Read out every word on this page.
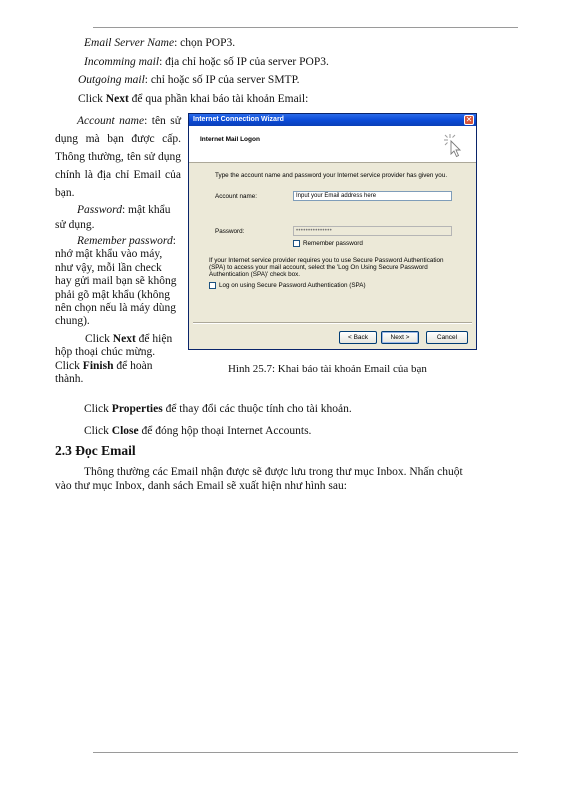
Email Server Name: chọn POP3.
Incomming mail: địa chỉ hoặc số IP của server POP3.
Outgoing mail: chỉ hoặc số IP của server SMTP.
Click Next để qua phần khai báo tài khoản Email:
Account name: tên sử
dụng mà bạn được cấp.
Thông thường, tên sử dụng
chính là địa chỉ Email của
bạn.
Password: mật khẩu
sử dụng.
Remember password:
nhớ mật khẩu vào máy,
như vậy, mỗi lần check
hay gửi mail bạn sẽ không
phải gõ mật khẩu (không
nên chọn nếu là máy dùng
chung).
Click Next để hiện
hộp thoại chúc mừng.
Click Finish để hoàn
thành.
Internet Connection Wizard	✕
Internet Mail Logon
Type the account name and password your Internet service provider has given you.
Account name:	Input your Email address here
Password:	•••••••••••••••
Remember password
If your Internet service provider requires you to use Secure Password Authentication
(SPA) to access your mail account, select the 'Log On Using Secure Password
Authentication (SPA)' check box.
Log on using Secure Password Authentication (SPA)
< Back	Next >	Cancel
Hình 25.7: Khai báo tài khoản Email của bạn
Click Properties để thay đổi các thuộc tính cho tài khoản.
Click Close để đóng hộp thoại Internet Accounts.
2.3 Đọc Email
Thông thường các Email nhận được sẽ được lưu trong thư mục Inbox. Nhấn chuột
vào thư mục Inbox, danh sách Email sẽ xuất hiện như hình sau:
